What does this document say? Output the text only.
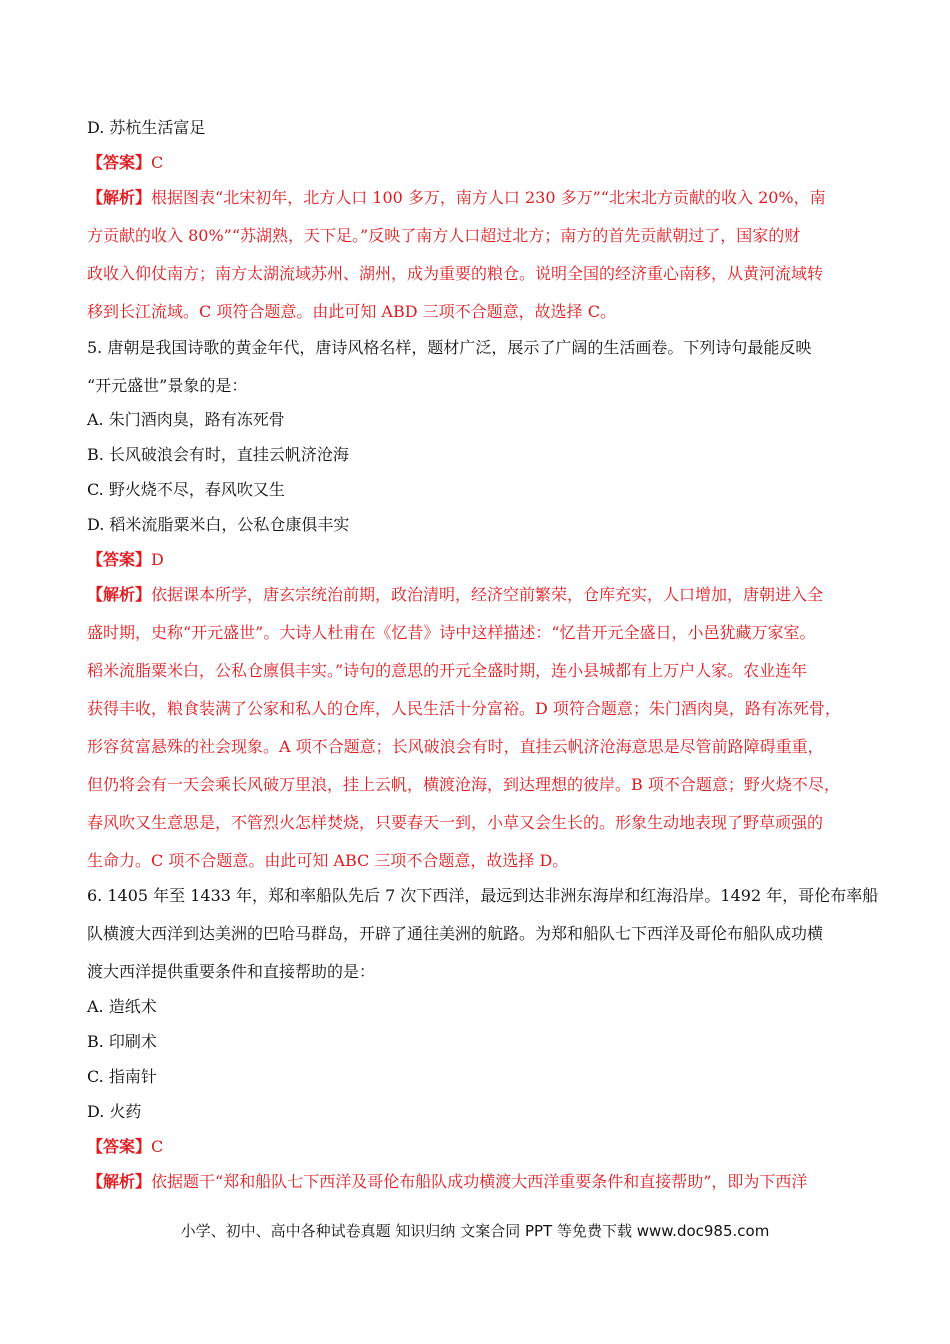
D. 苏杭生活富足
【答案】C
【解析】根据图表“北宋初年，北方人口 100 多万，南方人口 230 多万”“北宋北方贡献的收入 20%，南
方贡献的收入 80%”“苏湖熟，天下足。”反映了南方人口超过北方；南方的首先贡献朝过了，国家的财
政收入仰仗南方；南方太湖流域苏州、湖州，成为重要的粮仓。说明全国的经济重心南移，从黄河流域转
移到长江流域。C 项符合题意。由此可知 ABD 三项不合题意，故选择 C。
5. 唐朝是我国诗歌的黄金年代，唐诗风格名样，题材广泛，展示了广阔的生活画卷。下列诗句最能反映
“开元盛世”景象的是：
A. 朱门酒肉臭，路有冻死骨
B. 长风破浪会有时，直挂云帆济沧海
C. 野火烧不尽，春风吹又生
D. 稻米流脂粟米白，公私仓康俱丰实
【答案】D
【解析】依据课本所学，唐玄宗统治前期，政治清明，经济空前繁荣，仓库充实，人口增加，唐朝进入全
盛时期，史称“开元盛世”。大诗人杜甫在《忆昔》诗中这样描述：“忆昔开元全盛日，小邑犹藏万家室。
稻米流脂粟米白，公私仓廪俱丰实。”诗句的意思的开元全盛时期，连小县城都有上万户人家。农业连年
获得丰收，粮食装满了公家和私人的仓库，人民生活十分富裕。D 项符合题意；朱门酒肉臭，路有冻死骨，
形容贫富悬殊的社会现象。A 项不合题意；长风破浪会有时，直挂云帆济沧海意思是尽管前路障碍重重，
但仍将会有一天会乘长风破万里浪，挂上云帆，横渡沧海，到达理想的彼岸。B 项不合题意；野火烧不尽，
春风吹又生意思是，不管烈火怎样焚烧，只要春天一到，小草又会生长的。形象生动地表现了野草顽强的
生命力。C 项不合题意。由此可知 ABC 三项不合题意，故选择 D。
6. 1405 年至 1433 年，郑和率船队先后 7 次下西洋，最远到达非洲东海岸和红海沿岸。1492 年，哥伦布率船
队横渡大西洋到达美洲的巴哈马群岛，开辟了通往美洲的航路。为郑和船队七下西洋及哥伦布船队成功横
渡大西洋提供重要条件和直接帮助的是：
A. 造纸术
B. 印刷术
C. 指南针
D. 火药
【答案】C
【解析】依据题干“郑和船队七下西洋及哥伦布船队成功横渡大西洋重要条件和直接帮助”，即为下西洋
小学、初中、高中各种试卷真题 知识归纳 文案合同 PPT 等免费下载 www.doc985.com
